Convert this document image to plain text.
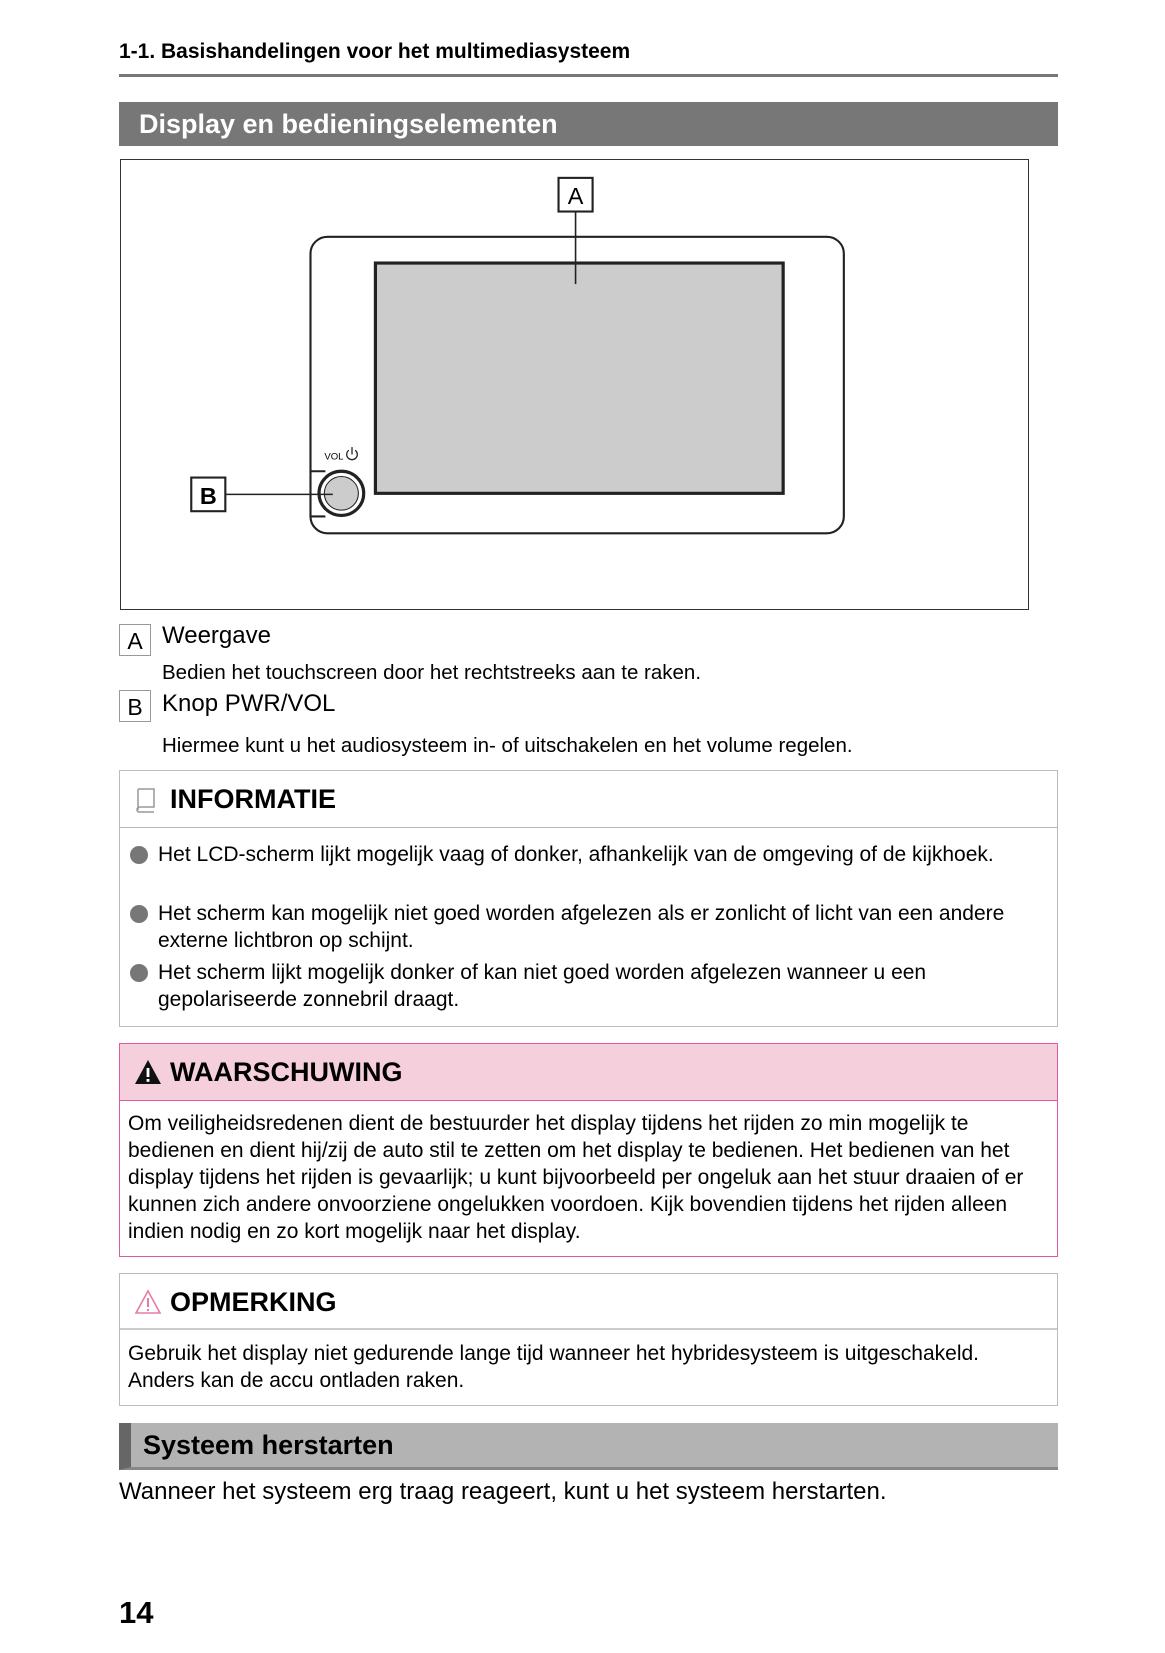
1-1. Basishandelingen voor het multimediasysteem
Display en bedieningselementen
A
VOL
B
A Weergave
Bedien het touchscreen door het rechtstreeks aan te raken.
B Knop PWR/VOL
Hiermee kunt u het audiosysteem in- of uitschakelen en het volume regelen.
INFORMATIE
Het LCD-scherm lijkt mogelijk vaag of donker, afhankelijk van de omgeving of de kijkhoek.
Het scherm kan mogelijk niet goed worden afgelezen als er zonlicht of licht van een andere externe lichtbron op schijnt.
Het scherm lijkt mogelijk donker of kan niet goed worden afgelezen wanneer u een gepolariseerde zonnebril draagt.
WAARSCHUWING
Om veiligheidsredenen dient de bestuurder het display tijdens het rijden zo min mogelijk te bedienen en dient hij/zij de auto stil te zetten om het display te bedienen. Het bedienen van het display tijdens het rijden is gevaarlijk; u kunt bijvoorbeeld per ongeluk aan het stuur draaien of er kunnen zich andere onvoorziene ongelukken voordoen. Kijk bovendien tijdens het rijden alleen indien nodig en zo kort mogelijk naar het display.
OPMERKING
Gebruik het display niet gedurende lange tijd wanneer het hybridesysteem is uitgeschakeld. Anders kan de accu ontladen raken.
Systeem herstarten
Wanneer het systeem erg traag reageert, kunt u het systeem herstarten.
14
